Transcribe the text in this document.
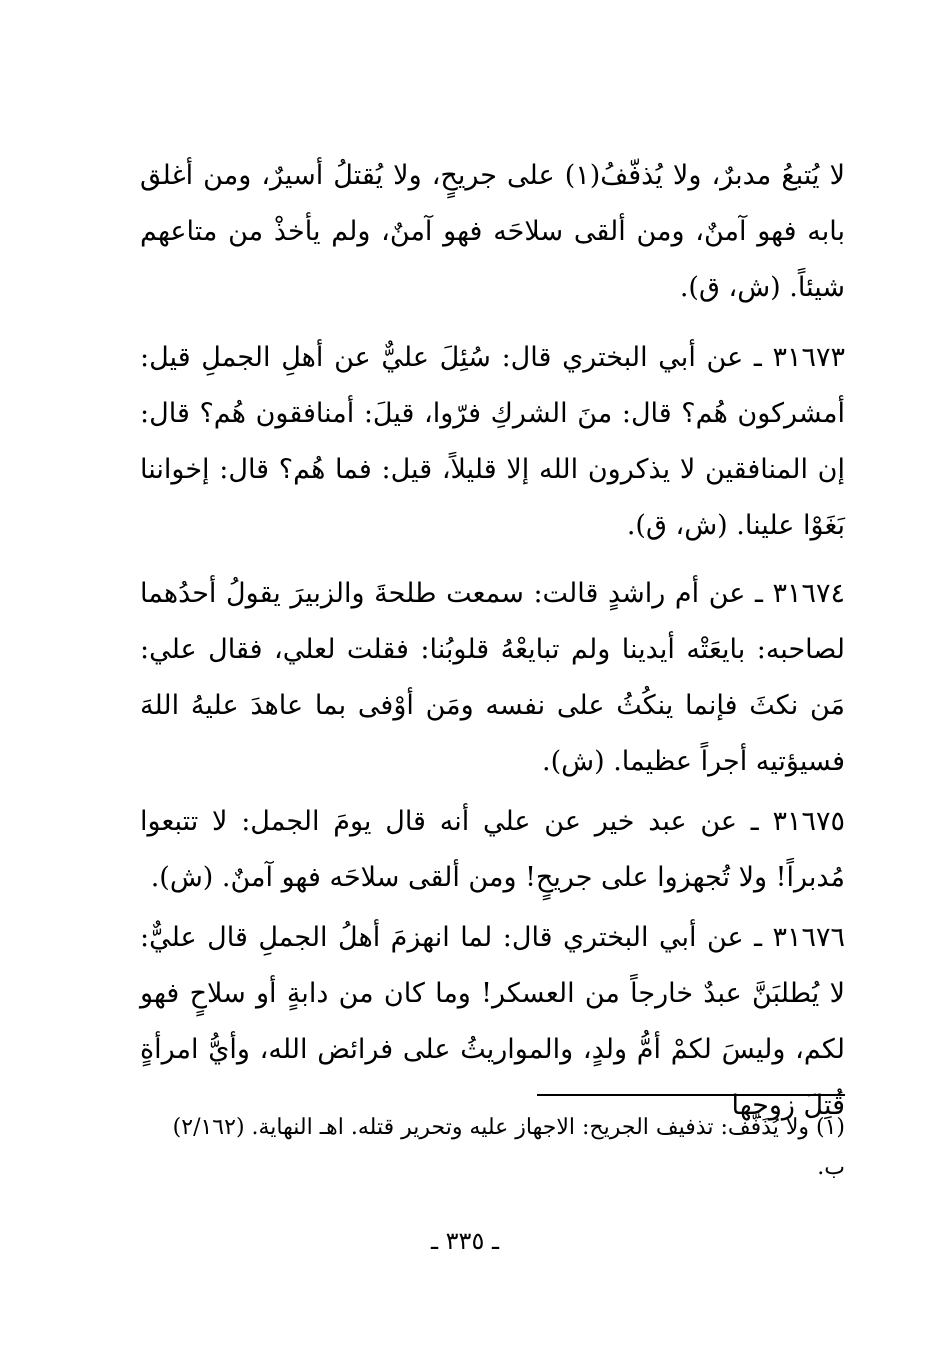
لا يُتبعُ مدبرٌ، ولا يُذفّفُ(١) على جريحٍ، ولا يُقتلُ أسيرٌ، ومن أغلق بابه فهو آمنٌ، ومن ألقى سلاحَه فهو آمنٌ، ولم يأخذْ من متاعهم شيئاً. (ش، ق).

٣١٦٧٣ ـ عن أبي البختري قال: سُئِلَ عليٌّ عن أهلِ الجملِ قيل: أمشركون هُم؟ قال: منَ الشركِ فرّوا، قيلَ: أمنافقون هُم؟ قال: إن المنافقين لا يذكرون الله إلا قليلاً، قيل: فما هُم؟ قال: إخواننا بَغَوْا علينا. (ش، ق).

٣١٦٧٤ ـ عن أم راشدٍ قالت: سمعت طلحةَ والزبيرَ يقولُ أحدُهما لصاحبه: بايعَتْه أيدينا ولم تبايعْهُ قلوبُنا: فقلت لعلي، فقال علي: مَن نكثَ فإنما ينكُثُ على نفسه ومَن أوْفى بما عاهدَ عليهُ اللهَ فسيؤتيه أجراً عظيما. (ش).

٣١٦٧٥ ـ عن عبد خير عن علي أنه قال يومَ الجمل: لا تتبعوا مُدبراً! ولا تُجهزوا على جريحٍ! ومن ألقى سلاحَه فهو آمنٌ. (ش).

٣١٦٧٦ ـ عن أبي البختري قال: لما انهزمَ أهلُ الجملِ قال عليٌّ: لا يُطلبَنَّ عبدٌ خارجاً من العسكر! وما كان من دابةٍ أو سلاحٍ فهو لكم، وليسَ لكمْ أمُّ ولدٍ، والمواريثُ على فرائض الله، وأيُّ امرأةٍ قُتِلَ زوجها

(١) ولا يُذَفَّف: تذفيف الجريح: الاجهاز عليه وتحرير قتله. اهـ النهاية. (٢/١٦٢) ب.

ـ ٣٣٥ ـ
